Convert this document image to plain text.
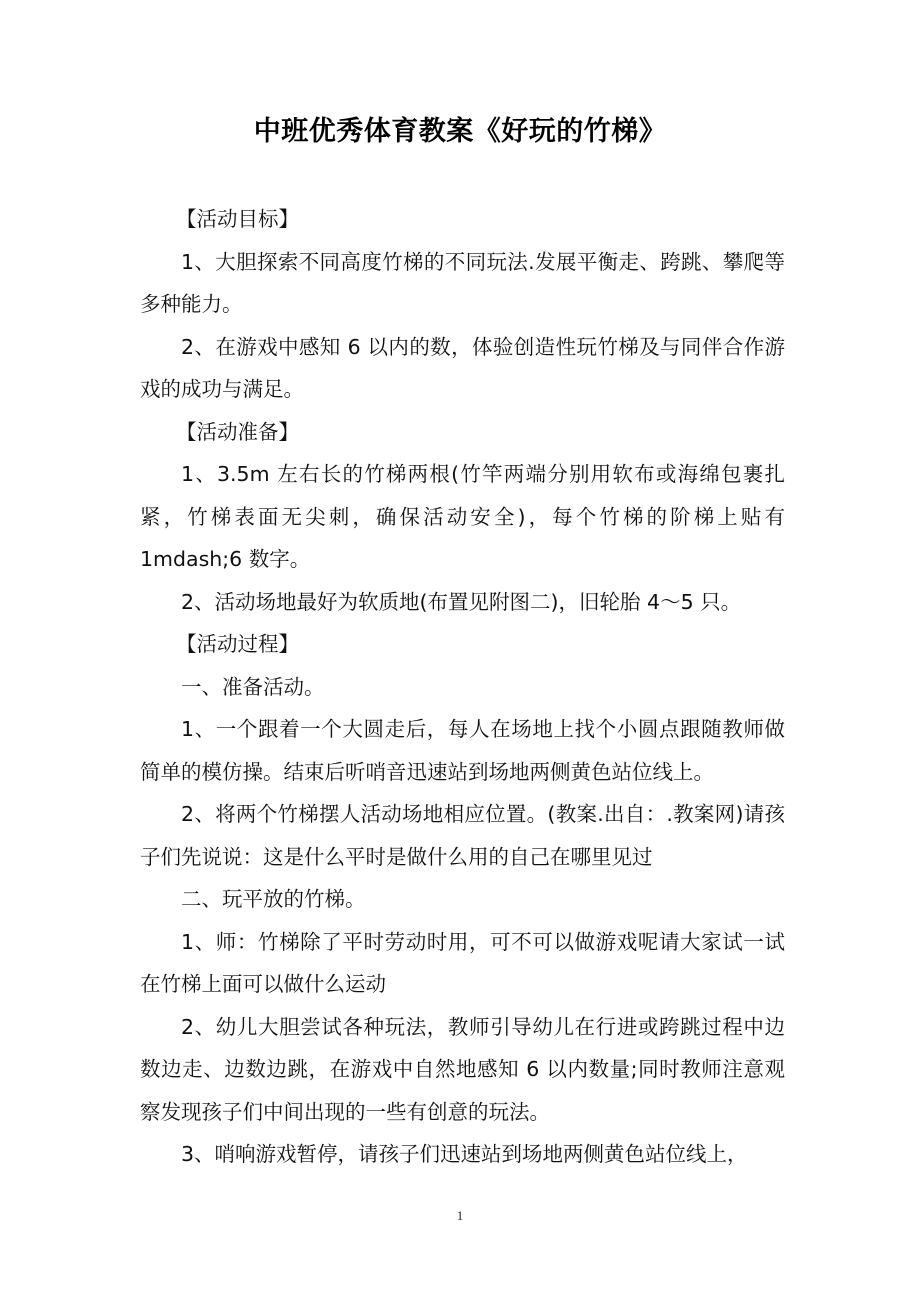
中班优秀体育教案《好玩的竹梯》

【活动目标】

1、大胆探索不同高度竹梯的不同玩法.发展平衡走、跨跳、攀爬等多种能力。

2、在游戏中感知 6 以内的数，体验创造性玩竹梯及与同伴合作游戏的成功与满足。

【活动准备】

1、3.5m 左右长的竹梯两根(竹竿两端分别用软布或海绵包裹扎紧，竹梯表面无尖刺，确保活动安全)，每个竹梯的阶梯上贴有 1mdash;6 数字。

2、活动场地最好为软质地(布置见附图二)，旧轮胎 4～5 只。

【活动过程】

一、准备活动。

1、一个跟着一个大圆走后，每人在场地上找个小圆点跟随教师做简单的模仿操。结束后听哨音迅速站到场地两侧黄色站位线上。

2、将两个竹梯摆人活动场地相应位置。(教案.出自：.教案网)请孩子们先说说：这是什么平时是做什么用的自己在哪里见过

二、玩平放的竹梯。

1、师：竹梯除了平时劳动时用，可不可以做游戏呢请大家试一试在竹梯上面可以做什么运动

2、幼儿大胆尝试各种玩法，教师引导幼儿在行进或跨跳过程中边数边走、边数边跳，在游戏中自然地感知 6 以内数量;同时教师注意观察发现孩子们中间出现的一些有创意的玩法。

3、哨响游戏暂停，请孩子们迅速站到场地两侧黄色站位线上，

1
